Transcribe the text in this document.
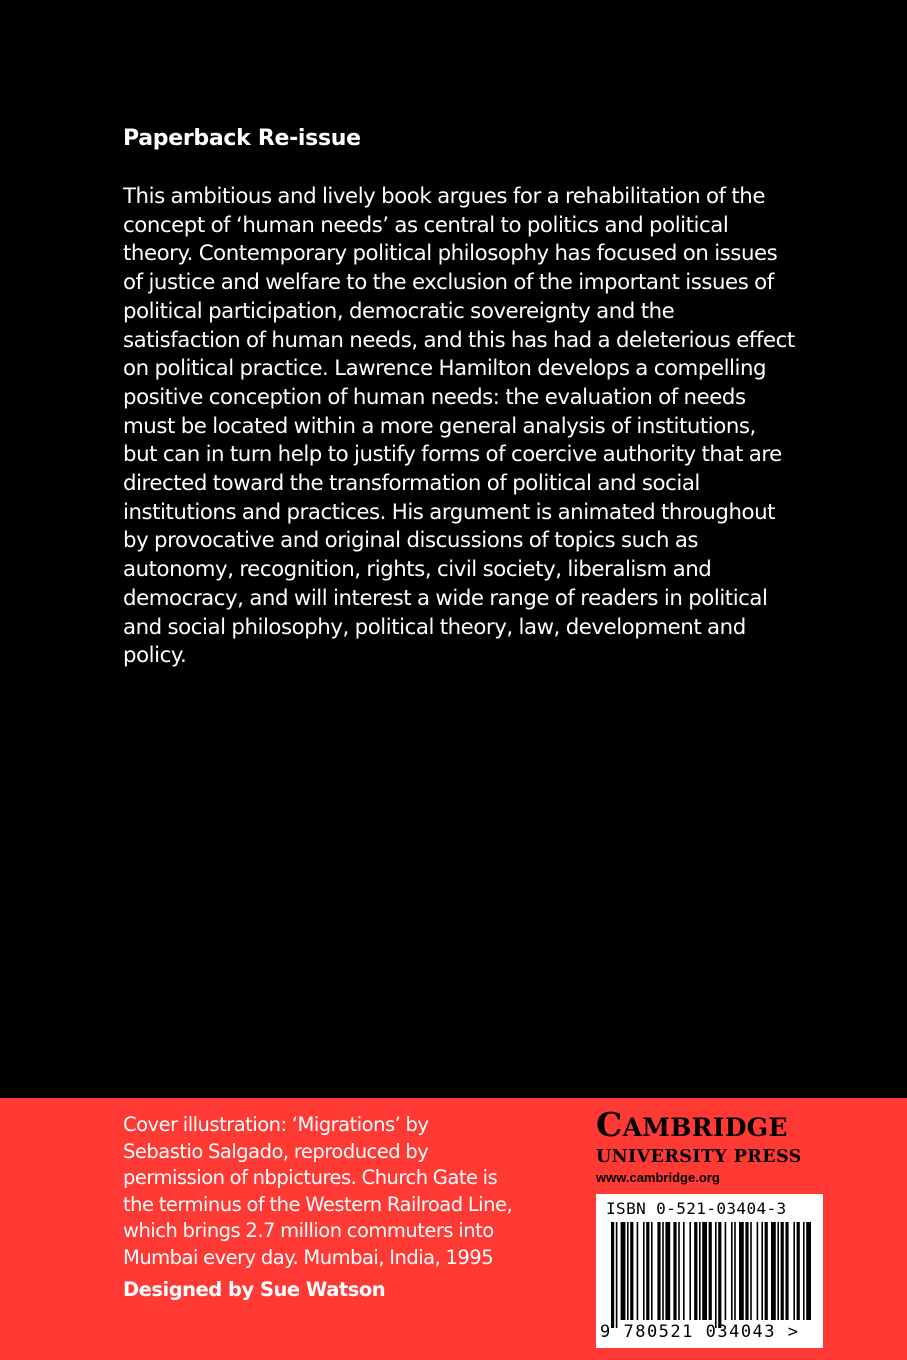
Paperback Re-issue

This ambitious and lively book argues for a rehabilitation of the concept of ‘human needs’ as central to politics and political theory. Contemporary political philosophy has focused on issues of justice and welfare to the exclusion of the important issues of political participation, democratic sovereignty and the satisfaction of human needs, and this has had a deleterious effect on political practice. Lawrence Hamilton develops a compelling positive conception of human needs: the evaluation of needs must be located within a more general analysis of institutions, but can in turn help to justify forms of coercive authority that are directed toward the transformation of political and social institutions and practices. His argument is animated throughout by provocative and original discussions of topics such as autonomy, recognition, rights, civil society, liberalism and democracy, and will interest a wide range of readers in political and social philosophy, political theory, law, development and policy.

Cover illustration: ‘Migrations’ by Sebastio Salgado, reproduced by permission of nbpictures. Church Gate is the terminus of the Western Railroad Line, which brings 2.7 million commuters into Mumbai every day. Mumbai, India, 1995

Designed by Sue Watson

CAMBRIDGE
UNIVERSITY PRESS
www.cambridge.org
ISBN 0-521-03404-3
9 780521 034043 >
